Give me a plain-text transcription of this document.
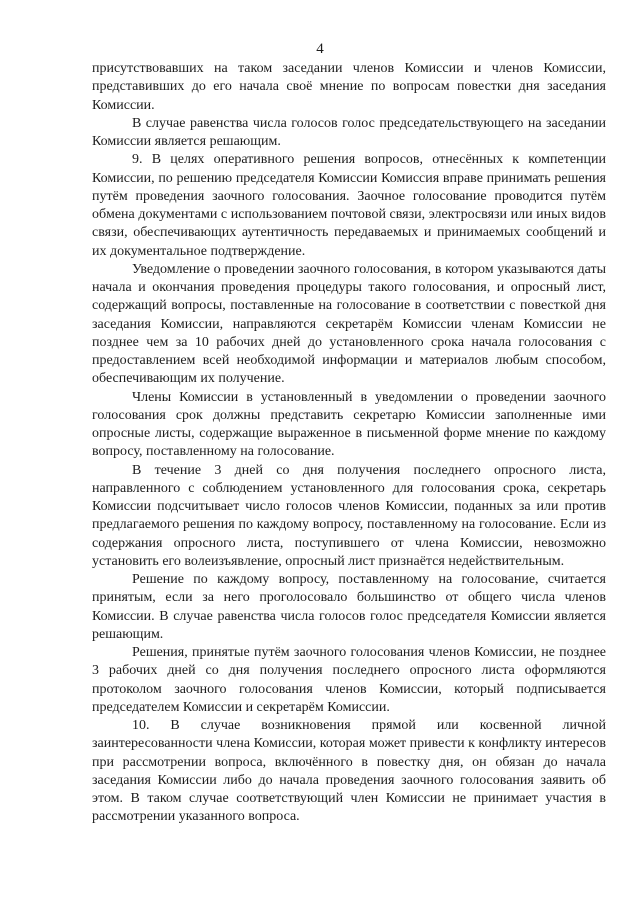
4

присутствовавших на таком заседании членов Комиссии и членов Комиссии, представивших до его начала своё мнение по вопросам повестки дня заседания Комиссии.

В случае равенства числа голосов голос председательствующего на заседании Комиссии является решающим.

9. В целях оперативного решения вопросов, отнесённых к компетенции Комиссии, по решению председателя Комиссии Комиссия вправе принимать решения путём проведения заочного голосования. Заочное голосование проводится путём обмена документами с использованием почтовой связи, электросвязи или иных видов связи, обеспечивающих аутентичность передаваемых и принимаемых сообщений и их документальное подтверждение.

Уведомление о проведении заочного голосования, в котором указываются даты начала и окончания проведения процедуры такого голосования, и опросный лист, содержащий вопросы, поставленные на голосование в соответствии с повесткой дня заседания Комиссии, направляются секретарём Комиссии членам Комиссии не позднее чем за 10 рабочих дней до установленного срока начала голосования с предоставлением всей необходимой информации и материалов любым способом, обеспечивающим их получение.

Члены Комиссии в установленный в уведомлении о проведении заочного голосования срок должны представить секретарю Комиссии заполненные ими опросные листы, содержащие выраженное в письменной форме мнение по каждому вопросу, поставленному на голосование.

В течение 3 дней со дня получения последнего опросного листа, направленного с соблюдением установленного для голосования срока, секретарь Комиссии подсчитывает число голосов членов Комиссии, поданных за или против предлагаемого решения по каждому вопросу, поставленному на голосование. Если из содержания опросного листа, поступившего от члена Комиссии, невозможно установить его волеизъявление, опросный лист признаётся недействительным.

Решение по каждому вопросу, поставленному на голосование, считается принятым, если за него проголосовало большинство от общего числа членов Комиссии. В случае равенства числа голосов голос председателя Комиссии является решающим.

Решения, принятые путём заочного голосования членов Комиссии, не позднее 3 рабочих дней со дня получения последнего опросного листа оформляются протоколом заочного голосования членов Комиссии, который подписывается председателем Комиссии и секретарём Комиссии.

10. В случае возникновения прямой или косвенной личной заинтересованности члена Комиссии, которая может привести к конфликту интересов при рассмотрении вопроса, включённого в повестку дня, он обязан до начала заседания Комиссии либо до начала проведения заочного голосования заявить об этом. В таком случае соответствующий член Комиссии не принимает участия в рассмотрении указанного вопроса.
